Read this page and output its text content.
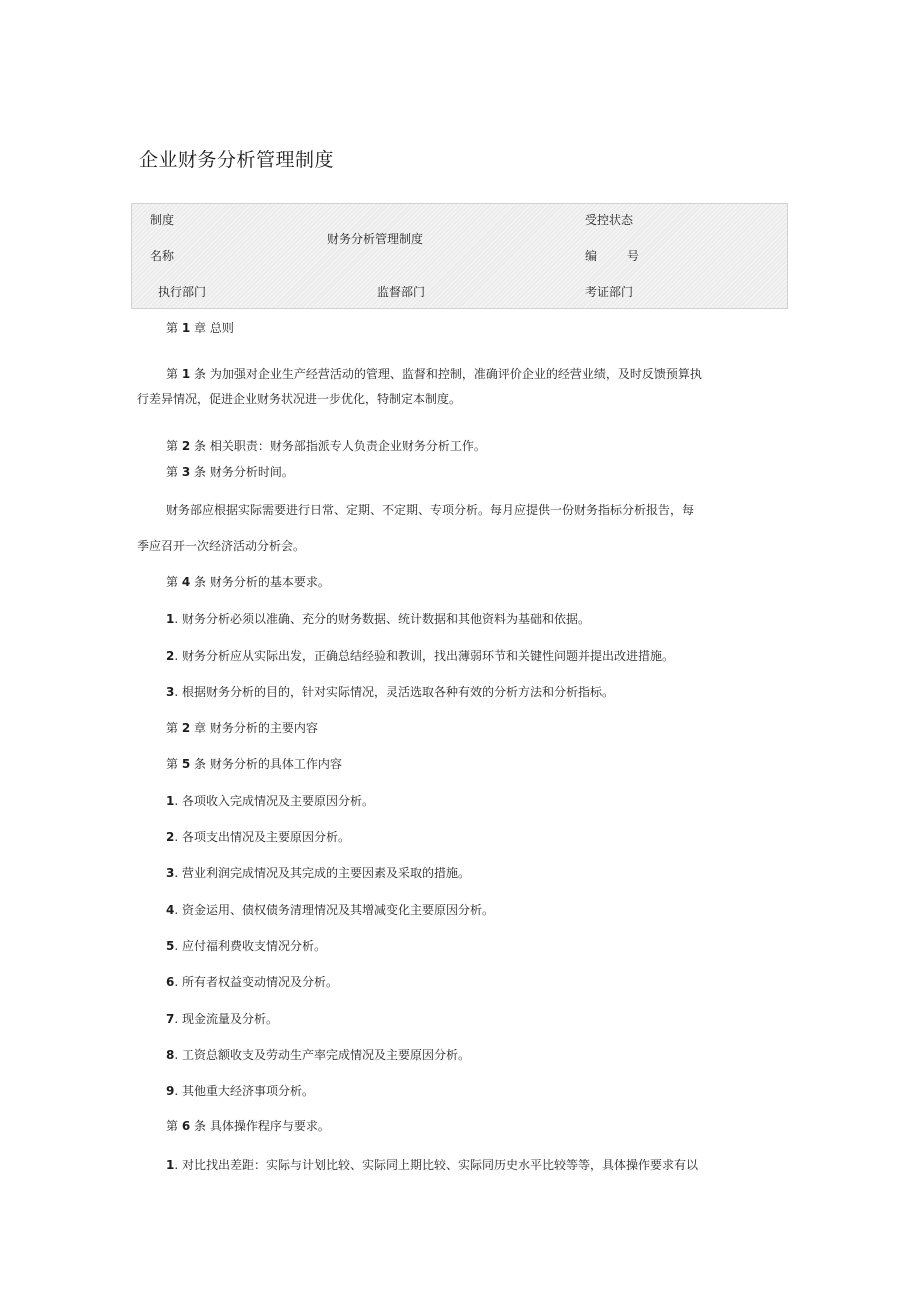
企业财务分析管理制度
制度
名称
财务分析管理制度
受控状态
编 号
执行部门	监督部门	考证部门
第 1 章 总则
第 1 条 为加强对企业生产经营活动的管理、监督和控制，准确评价企业的经营业绩，及时反馈预算执
行差异情况，促进企业财务状况进一步优化，特制定本制度。
第 2 条 相关职责：财务部指派专人负责企业财务分析工作。
第 3 条 财务分析时间。
财务部应根据实际需要进行日常、定期、不定期、专项分析。每月应提供一份财务指标分析报告，每
季应召开一次经济活动分析会。
第 4 条 财务分析的基本要求。
1. 财务分析必须以准确、充分的财务数据、统计数据和其他资料为基础和依据。
2. 财务分析应从实际出发，正确总结经验和教训，找出薄弱环节和关键性问题并提出改进措施。
3. 根据财务分析的目的，针对实际情况，灵活选取各种有效的分析方法和分析指标。
第 2 章 财务分析的主要内容
第 5 条 财务分析的具体工作内容
1. 各项收入完成情况及主要原因分析。
2. 各项支出情况及主要原因分析。
3. 营业利润完成情况及其完成的主要因素及采取的措施。
4. 资金运用、债权债务清理情况及其增减变化主要原因分析。
5. 应付福利费收支情况分析。
6. 所有者权益变动情况及分析。
7. 现金流量及分析。
8. 工资总额收支及劳动生产率完成情况及主要原因分析。
9. 其他重大经济事项分析。
第 6 条 具体操作程序与要求。
1. 对比找出差距：实际与计划比较、实际同上期比较、实际同历史水平比较等等，具体操作要求有以
